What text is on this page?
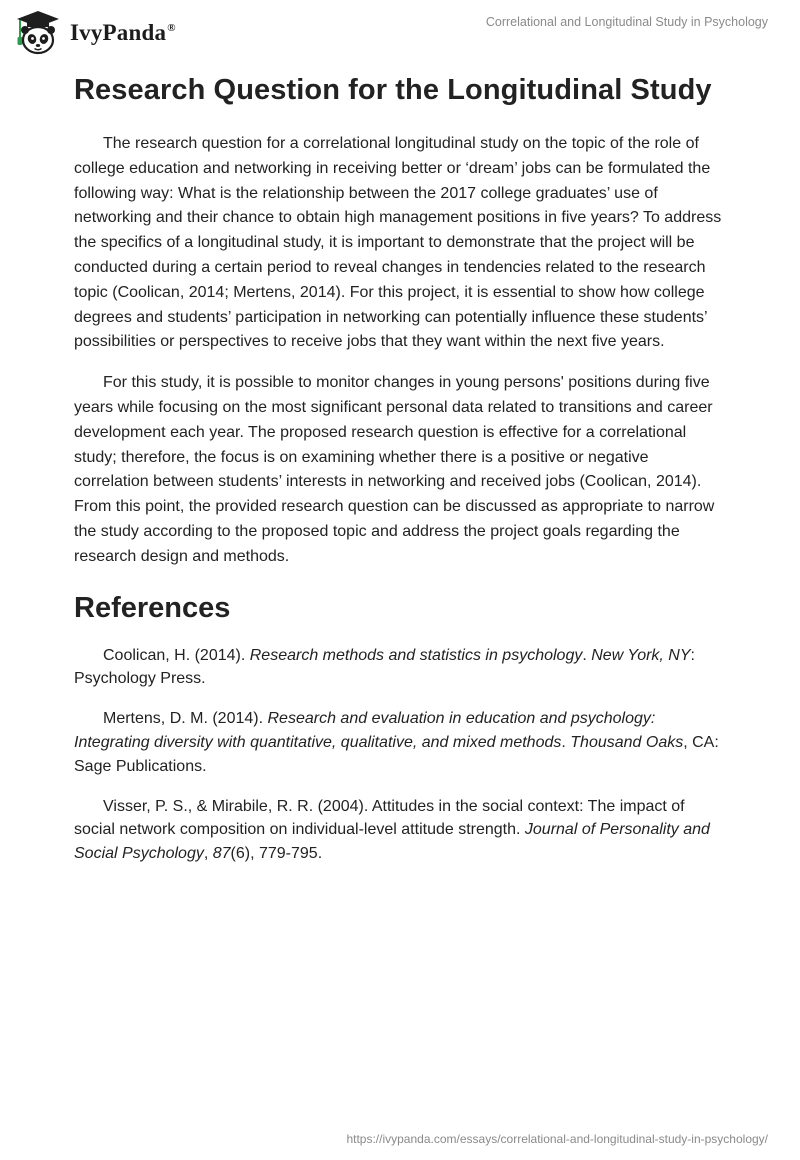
IvyPanda®	Correlational and Longitudinal Study in Psychology
Research Question for the Longitudinal Study

The research question for a correlational longitudinal study on the topic of the role of college education and networking in receiving better or ‘dream’ jobs can be formulated the following way: What is the relationship between the 2017 college graduates’ use of networking and their chance to obtain high management positions in five years? To address the specifics of a longitudinal study, it is important to demonstrate that the project will be conducted during a certain period to reveal changes in tendencies related to the research topic (Coolican, 2014; Mertens, 2014). For this project, it is essential to show how college degrees and students’ participation in networking can potentially influence these students’ possibilities or perspectives to receive jobs that they want within the next five years.

For this study, it is possible to monitor changes in young persons' positions during five years while focusing on the most significant personal data related to transitions and career development each year. The proposed research question is effective for a correlational study; therefore, the focus is on examining whether there is a positive or negative correlation between students’ interests in networking and received jobs (Coolican, 2014). From this point, the provided research question can be discussed as appropriate to narrow the study according to the proposed topic and address the project goals regarding the research design and methods.

References

Coolican, H. (2014). Research methods and statistics in psychology. New York, NY: Psychology Press.

Mertens, D. M. (2014). Research and evaluation in education and psychology: Integrating diversity with quantitative, qualitative, and mixed methods. Thousand Oaks, CA: Sage Publications.

Visser, P. S., & Mirabile, R. R. (2004). Attitudes in the social context: The impact of social network composition on individual-level attitude strength. Journal of Personality and Social Psychology, 87(6), 779-795.

https://ivypanda.com/essays/correlational-and-longitudinal-study-in-psychology/
